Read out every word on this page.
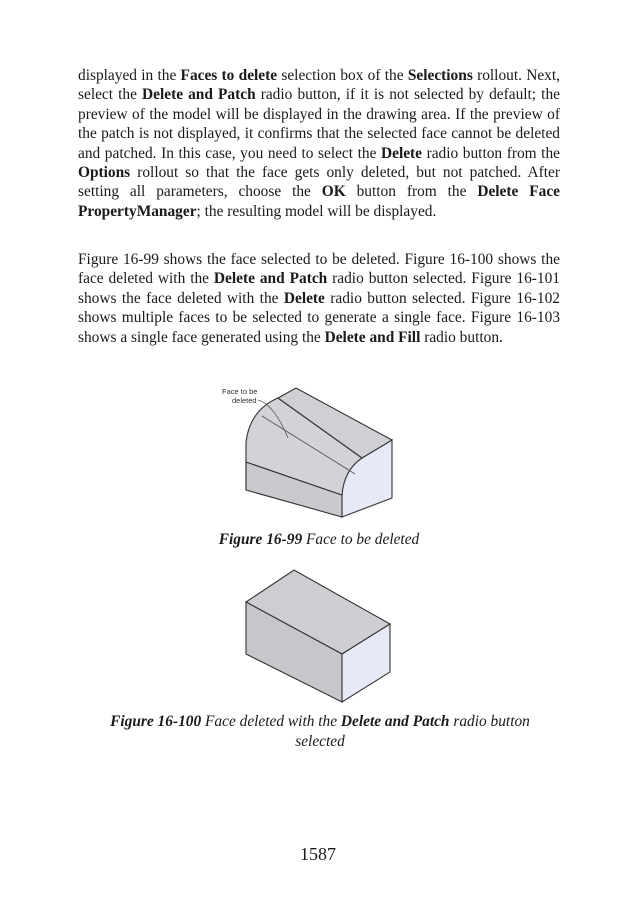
displayed in the Faces to delete selection box of the Selections rollout. Next, select the Delete and Patch radio button, if it is not selected by default; the preview of the model will be displayed in the drawing area. If the preview of the patch is not displayed, it confirms that the selected face cannot be deleted and patched. In this case, you need to select the Delete radio button from the Options rollout so that the face gets only deleted, but not patched. After setting all parameters, choose the OK button from the Delete Face PropertyManager; the resulting model will be displayed.
Figure 16-99 shows the face selected to be deleted. Figure 16-100 shows the face deleted with the Delete and Patch radio button selected. Figure 16-101 shows the face deleted with the Delete radio button selected. Figure 16-102 shows multiple faces to be selected to generate a single face. Figure 16-103 shows a single face generated using the Delete and Fill radio button.
Face to be
deleted
Figure 16-99 Face to be deleted
Figure 16-100 Face deleted with the Delete and Patch radio button selected
1587
